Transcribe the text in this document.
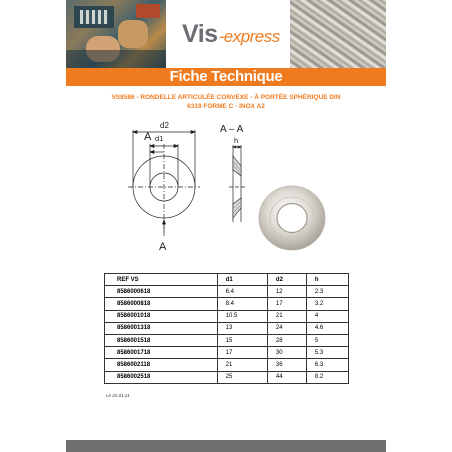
Vis-express
Fiche Technique
VS8586 - RONDELLE ARTICULÉE CONVEXE - À PORTÉE SPHÉRIQUE DIN
6319 FORME C - INOX A2
d2
A d1
A
A – A
h
REF VS	d1	d2	h
8586000618	6.4	12	2.3
8586000818	8.4	17	3.2
8586001018	10.5	21	4
8586001318	13	24	4.6
8586001518	15	28	5
8586001718	17	30	5.3
8586002118	21	36	6.3
8586002518	25	44	8.2
Le 22.01.21
